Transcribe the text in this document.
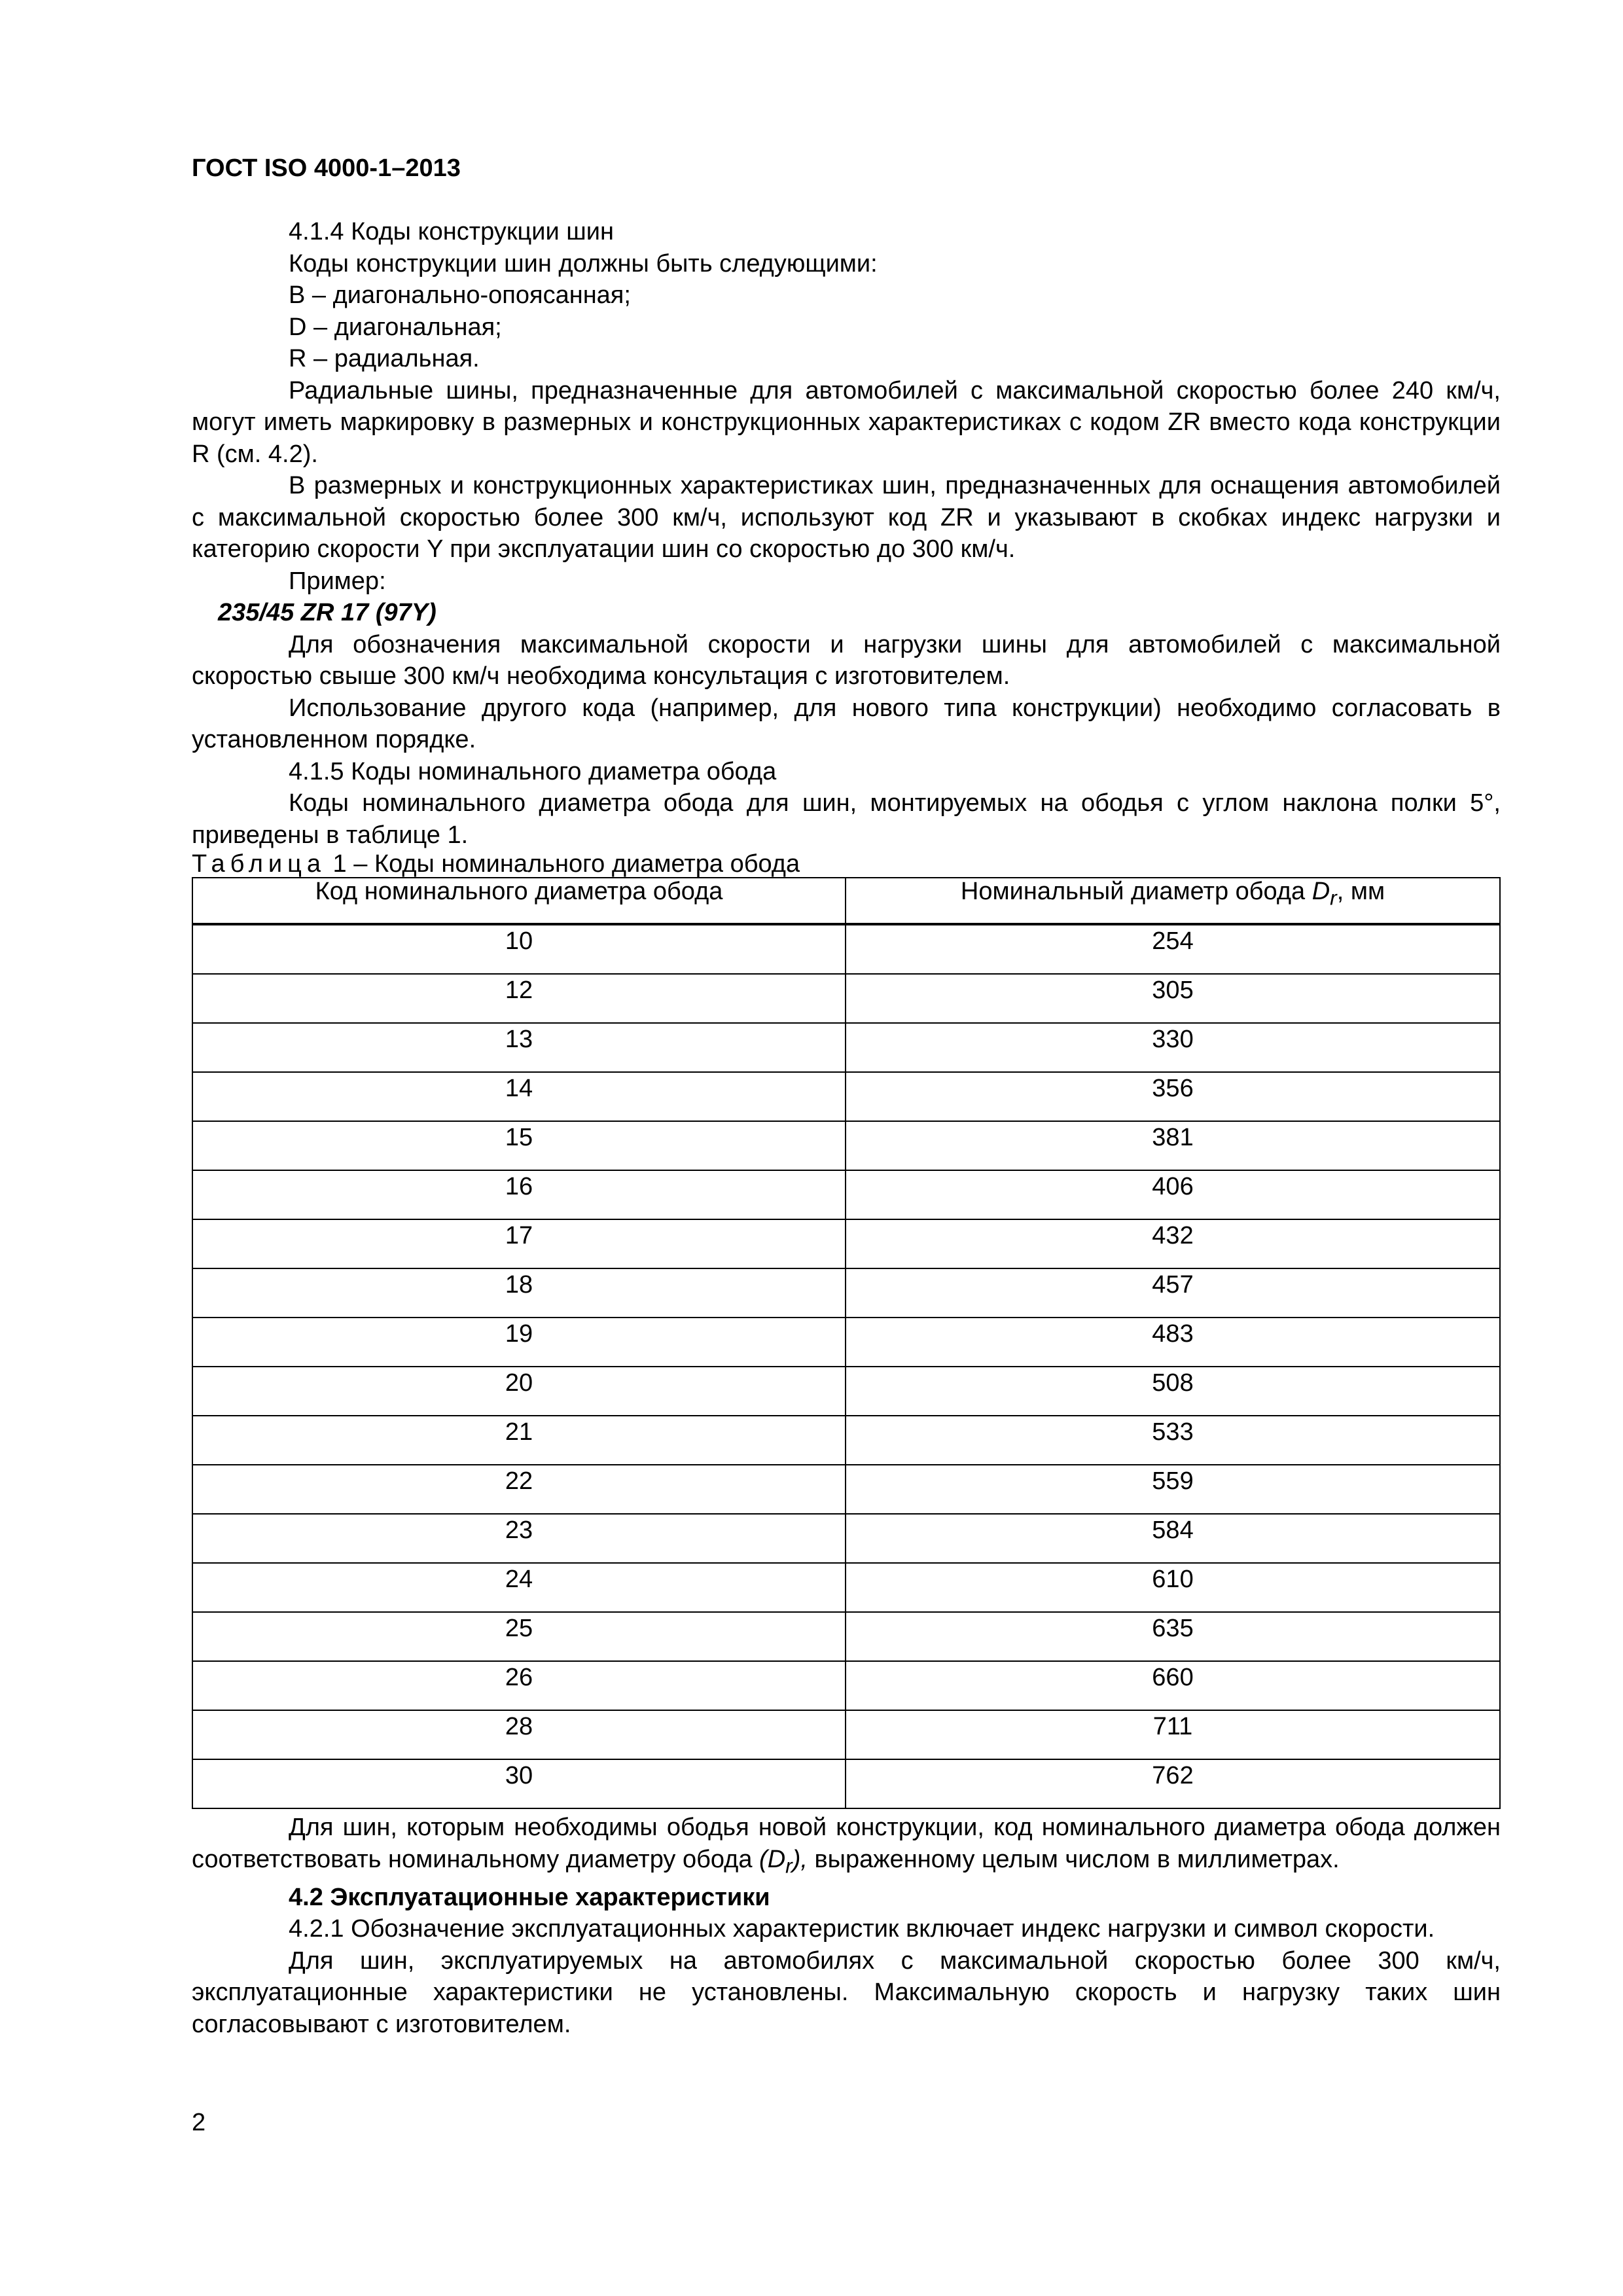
ГОСТ ISO 4000-1–2013

4.1.4 Коды конструкции шин

Коды конструкции шин должны быть следующими:

B – диагонально-опоясанная;

D – диагональная;

R – радиальная.

Радиальные шины, предназначенные для автомобилей с максимальной скоростью более 240 км/ч, могут иметь маркировку в размерных и конструкционных характеристиках с кодом ZR вместо кода конструкции R (см. 4.2).

В размерных и конструкционных характеристиках шин, предназначенных для оснащения автомобилей с максимальной скоростью более 300 км/ч, используют код ZR и указывают в скобках индекс нагрузки и категорию скорости Y при эксплуатации шин со скоростью до 300 км/ч.

Пример:

235/45 ZR 17 (97Y)

Для обозначения максимальной скорости и нагрузки шины для автомобилей с максимальной скоростью свыше 300 км/ч необходима консультация с изготовителем.

Использование другого кода (например, для нового типа конструкции) необходимо согласовать в установленном порядке.

4.1.5 Коды номинального диаметра обода

Коды номинального диаметра обода для шин, монтируемых на ободья с углом наклона полки 5°, приведены в таблице 1.

Таблица 1 – Коды номинального диаметра обода
Код номинального диаметра обода	Номинальный диаметр обода $D_r$, мм
10	254
12	305
13	330
14	356
15	381
16	406
17	432
18	457
19	483
20	508
21	533
22	559
23	584
24	610
25	635
26	660
28	711
30	762

Для шин, которым необходимы ободья новой конструкции, код номинального диаметра обода должен соответствовать номинальному диаметру обода $(D_r)$, выраженному целым числом в миллиметрах.

4.2 Эксплуатационные характеристики

4.2.1 Обозначение эксплуатационных характеристик включает индекс нагрузки и символ скорости.

Для шин, эксплуатируемых на автомобилях с максимальной скоростью более 300 км/ч, эксплуатационные характеристики не установлены. Максимальную скорость и нагрузку таких шин согласовывают с изготовителем.

2
